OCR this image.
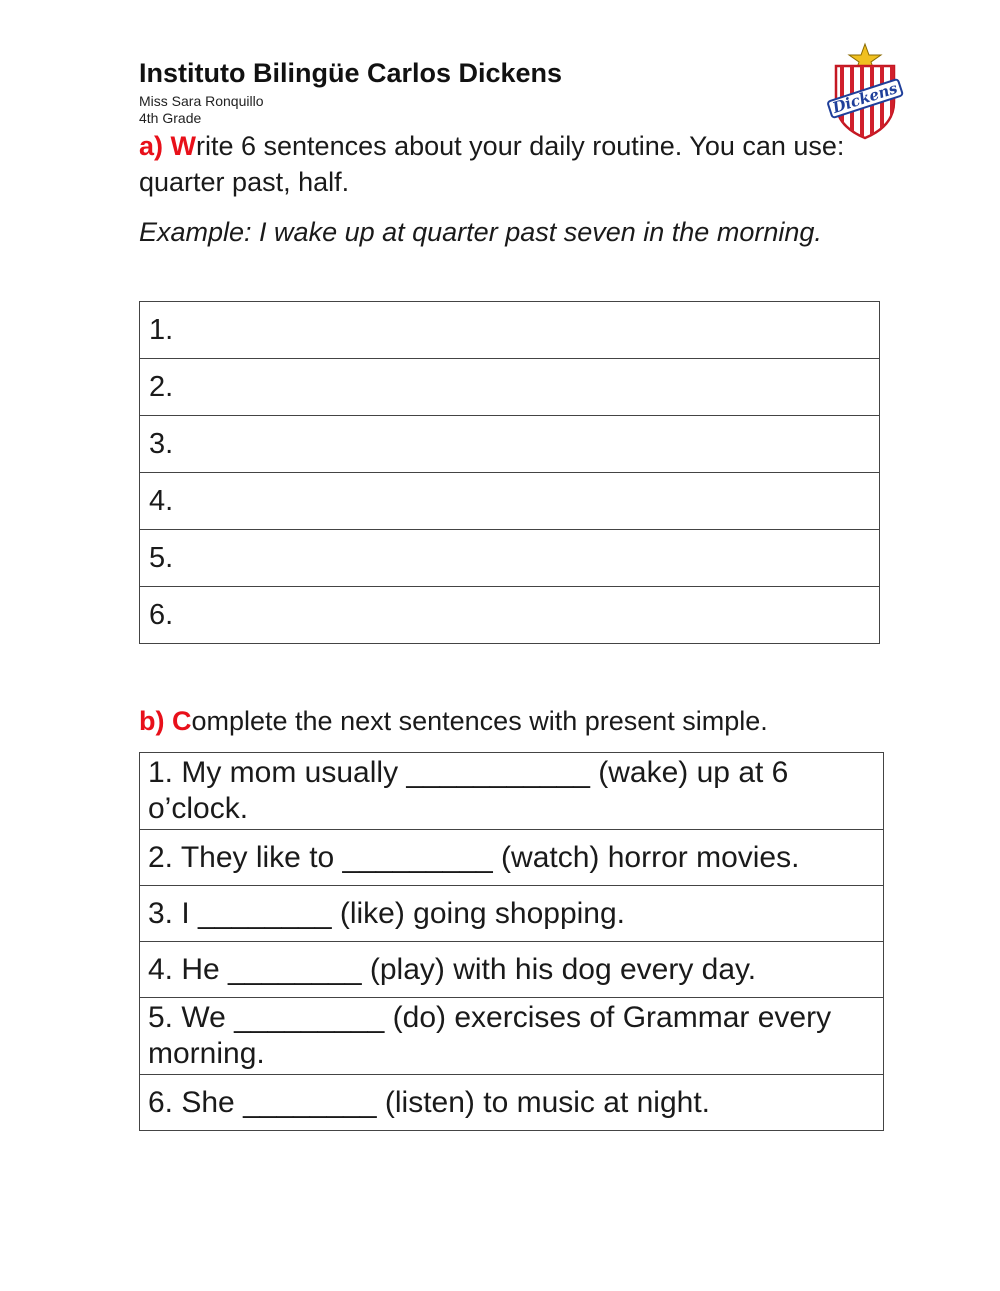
Instituto Bilingüe Carlos Dickens
Miss Sara Ronquillo
4th Grade
Dickens
a) Write 6 sentences about your daily routine. You can use: quarter past, half.
Example: I wake up at quarter past seven in the morning.
1.
2.
3.
4.
5.
6.
b) Complete the next sentences with present simple.
1. My mom usually ___________ (wake) up at 6 o’clock.
2. They like to _________ (watch) horror movies.
3. I ________ (like) going shopping.
4. He ________ (play) with his dog every day.
5. We _________ (do) exercises of Grammar every morning.
6. She ________ (listen) to music at night.
